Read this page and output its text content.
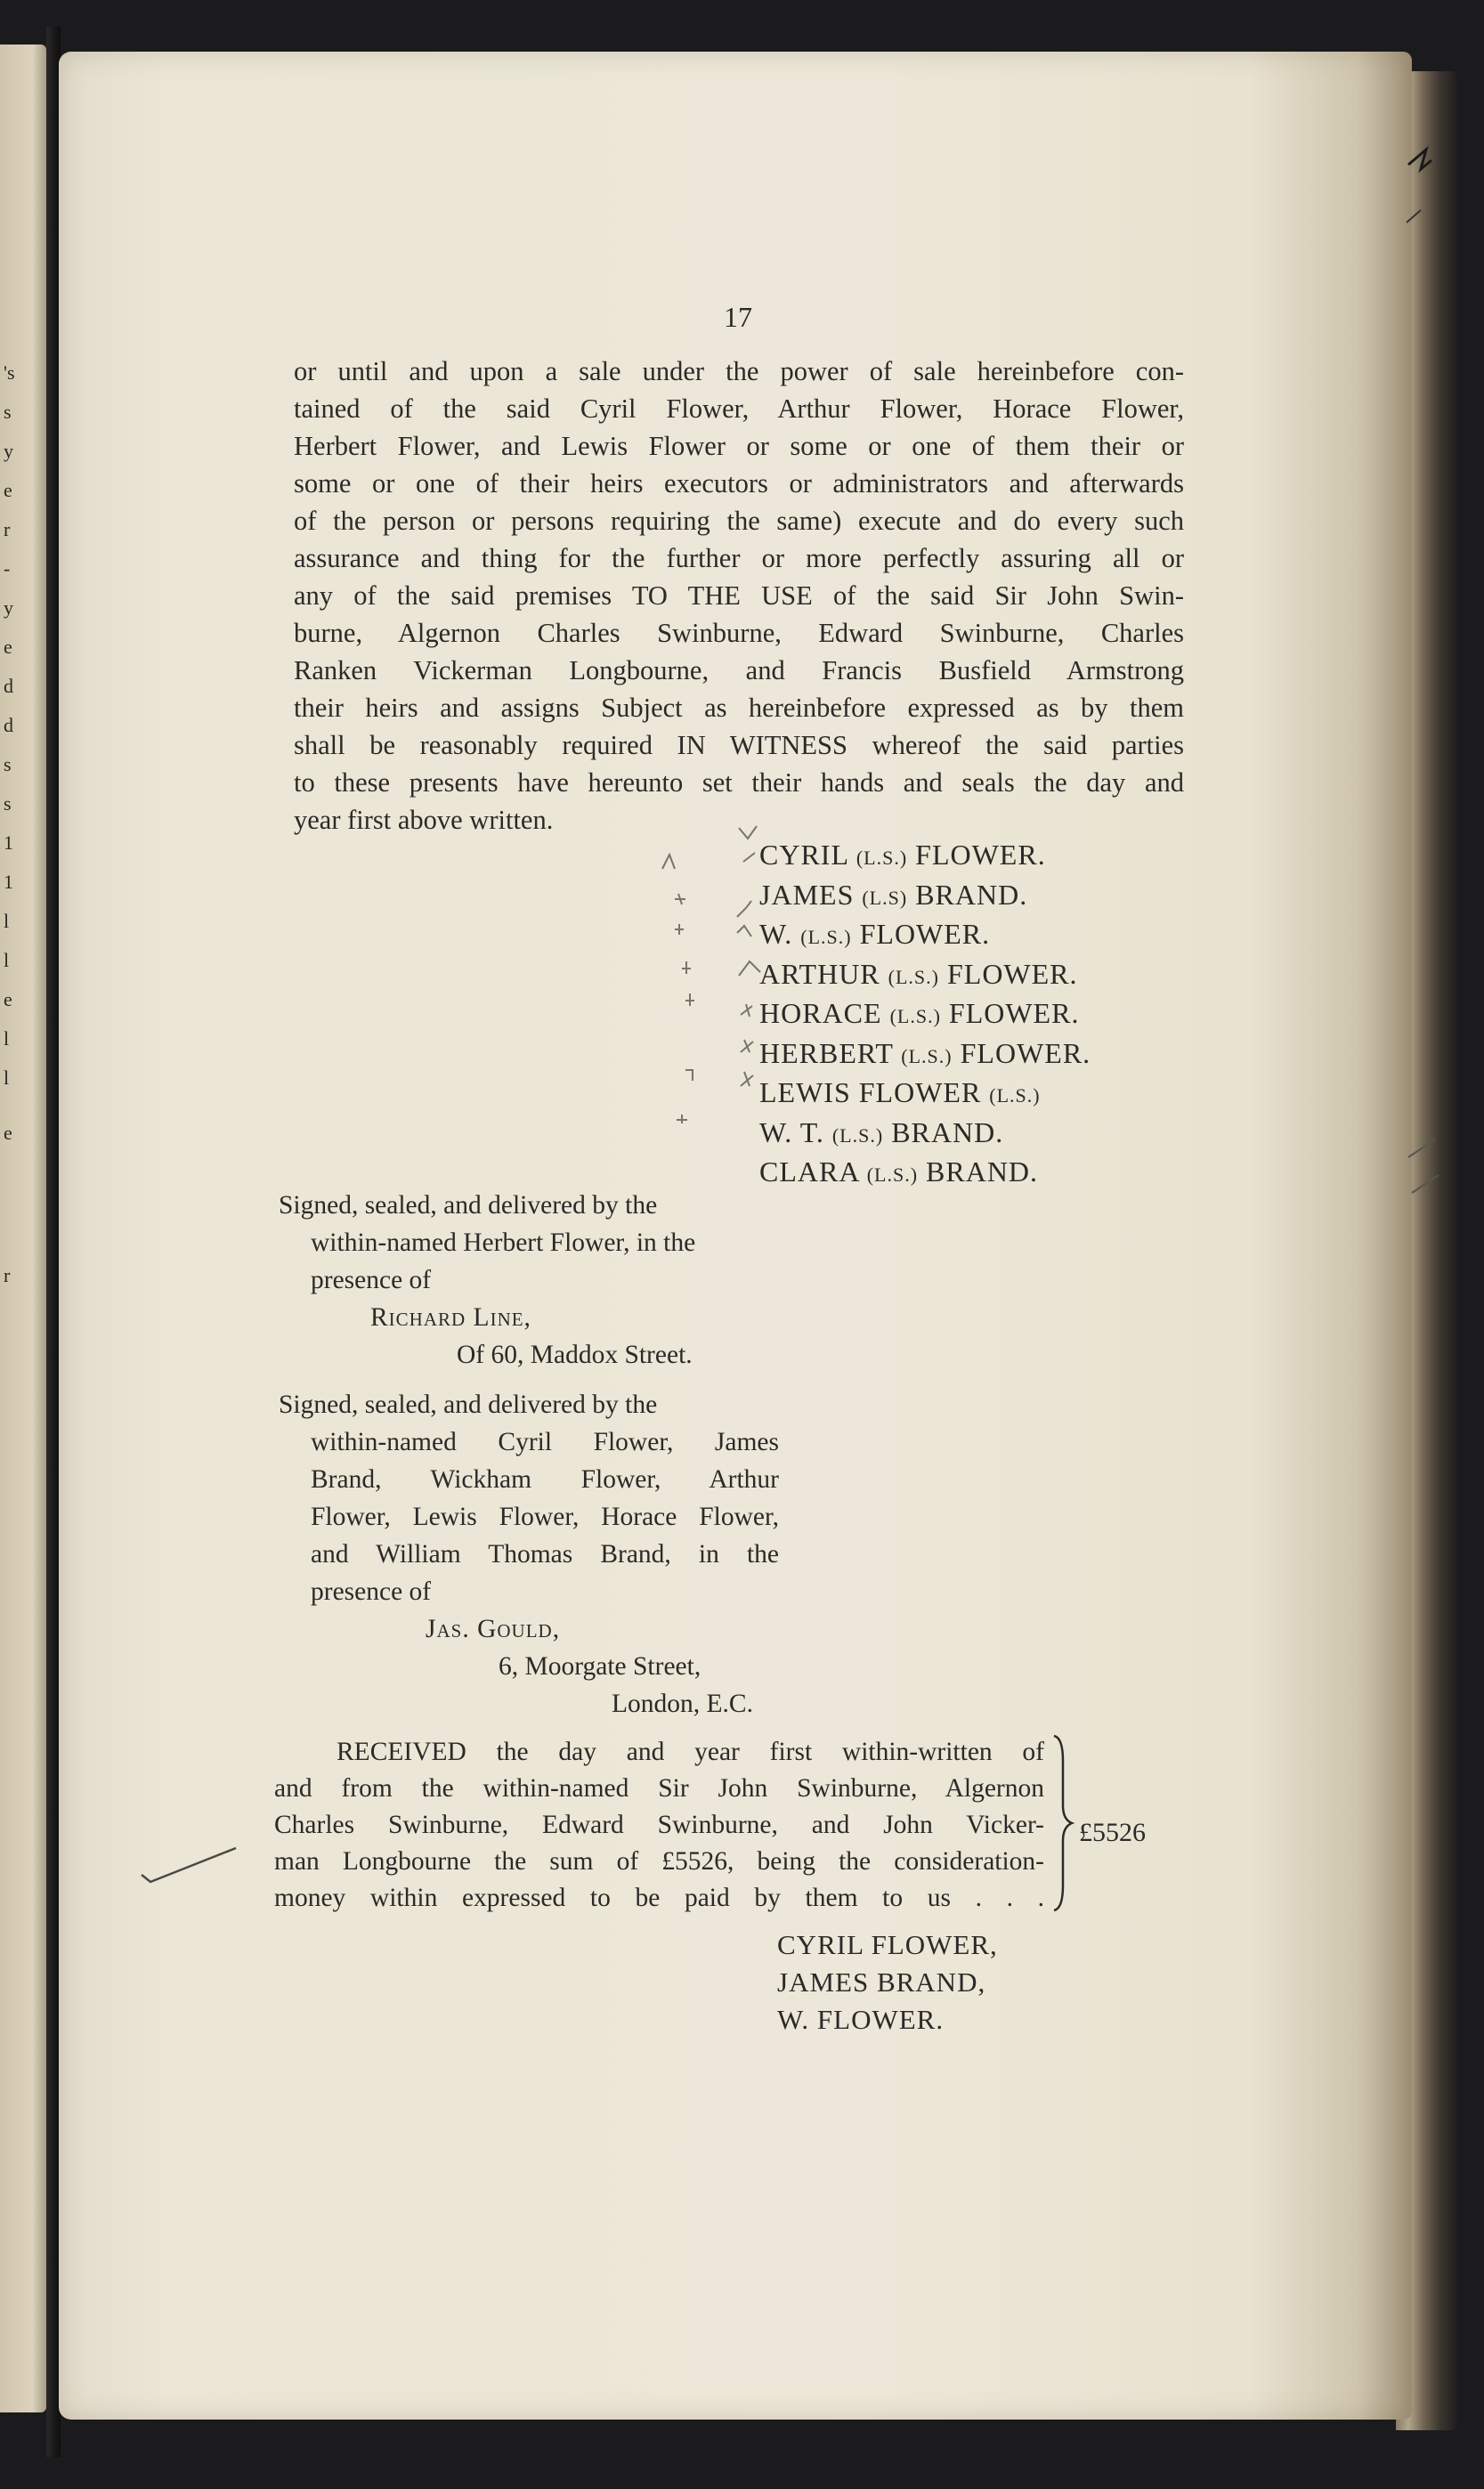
's
s
y
e
r
-
y
e
d
d
s
s
1
1
l
l
e
l
l
e
r
17
or until and upon a sale under the power of sale hereinbefore con-
tained of the said Cyril Flower, Arthur Flower, Horace Flower,
Herbert Flower, and Lewis Flower or some or one of them their or
some or one of their heirs executors or administrators and afterwards
of the person or persons requiring the same) execute and do every such
assurance and thing for the further or more perfectly assuring all or
any of the said premises TO THE USE of the said Sir John Swin-
burne, Algernon Charles Swinburne, Edward Swinburne, Charles
Ranken Vickerman Longbourne, and Francis Busfield Armstrong
their heirs and assigns Subject as hereinbefore expressed as by them
shall be reasonably required IN WITNESS whereof the said parties
to these presents have hereunto set their hands and seals the day and
year first above written.
CYRIL (L.S.) FLOWER.
JAMES (L.S) BRAND.
W. (L.S.) FLOWER.
ARTHUR (L.S.) FLOWER.
HORACE (L.S.) FLOWER.
HERBERT (L.S.) FLOWER.
LEWIS FLOWER (L.S.)
W. T. (L.S.) BRAND.
CLARA (L.S.) BRAND.
Signed, sealed, and delivered by the
within-named Herbert Flower, in the
presence of
Richard Line,
Of 60, Maddox Street.
Signed, sealed, and delivered by the
within-named Cyril Flower, James
Brand, Wickham Flower, Arthur
Flower, Lewis Flower, Horace Flower,
and William Thomas Brand, in the
presence of
Jas. Gould,
6, Moorgate Street,
London, E.C.
RECEIVED the day and year first within-written of
and from the within-named Sir John Swinburne, Algernon
Charles Swinburne, Edward Swinburne, and John Vicker-
man Longbourne the sum of £5526, being the consideration-
money within expressed to be paid by them to us . . .
£5526
CYRIL FLOWER,
JAMES BRAND,
W. FLOWER.
